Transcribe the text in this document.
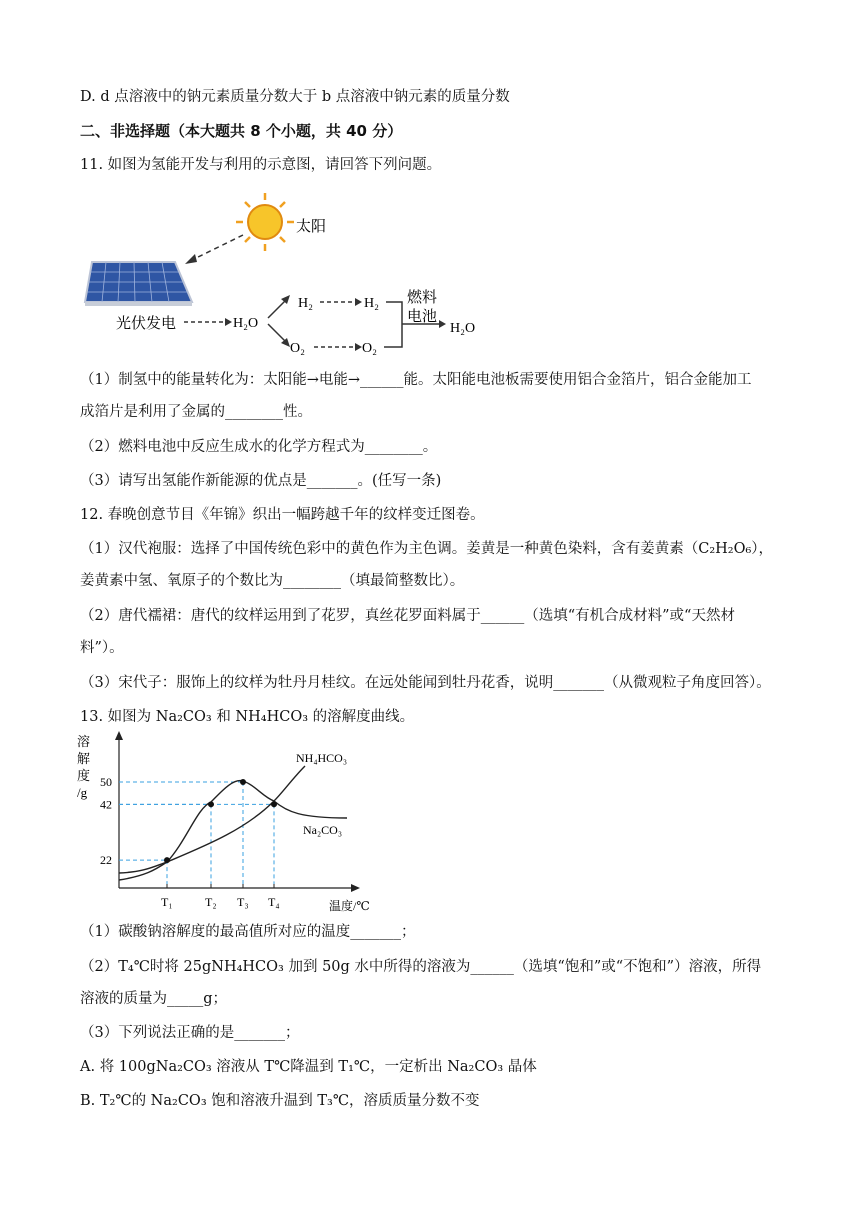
D. d 点溶液中的钠元素质量分数大于 b 点溶液中钠元素的质量分数
二、非选择题（本大题共 8 个小题，共 40 分）
11. 如图为氢能开发与利用的示意图，请回答下列问题。
太阳
光伏发电	H₂O
H₂	H₂
O₂	O₂
燃料
电池
H₂O
（1）制氢中的能量转化为：太阳能→电能→______能。太阳能电池板需要使用铝合金箔片，铝合金能加工
成箔片是利用了金属的________性。
（2）燃料电池中反应生成水的化学方程式为________。
（3）请写出氢能作新能源的优点是_______。(任写一条)
12. 春晚创意节目《年锦》织出一幅跨越千年的纹样变迁图卷。
（1）汉代袍服：选择了中国传统色彩中的黄色作为主色调。姜黄是一种黄色染料，含有姜黄素（C₂H₂O₆），
姜黄素中氢、氧原子的个数比为________（填最简整数比）。
（2）唐代襦裙：唐代的纹样运用到了花罗，真丝花罗面料属于______（选填“有机合成材料”或“天然材
料”）。
（3）宋代子：服饰上的纹样为牡丹月桂纹。在远处能闻到牡丹花香，说明_______（从微观粒子角度回答）。
13. 如图为 Na₂CO₃ 和 NH₄HCO₃ 的溶解度曲线。
溶
解
度
/g
温度/℃
NH₄HCO₃
Na₂CO₃
22
42
50
T₁	T₂ T₃ T₄
（1）碳酸钠溶解度的最高值所对应的温度_______；
（2）T₄℃时将 25gNH₄HCO₃ 加到 50g 水中所得的溶液为______（选填“饱和”或“不饱和”）溶液，所得
溶液的质量为_____g；
（3）下列说法正确的是_______；
A. 将 100gNa₂CO₃ 溶液从 T℃降温到 T₁℃，一定析出 Na₂CO₃ 晶体
B. T₂℃的 Na₂CO₃ 饱和溶液升温到 T₃℃，溶质质量分数不变
